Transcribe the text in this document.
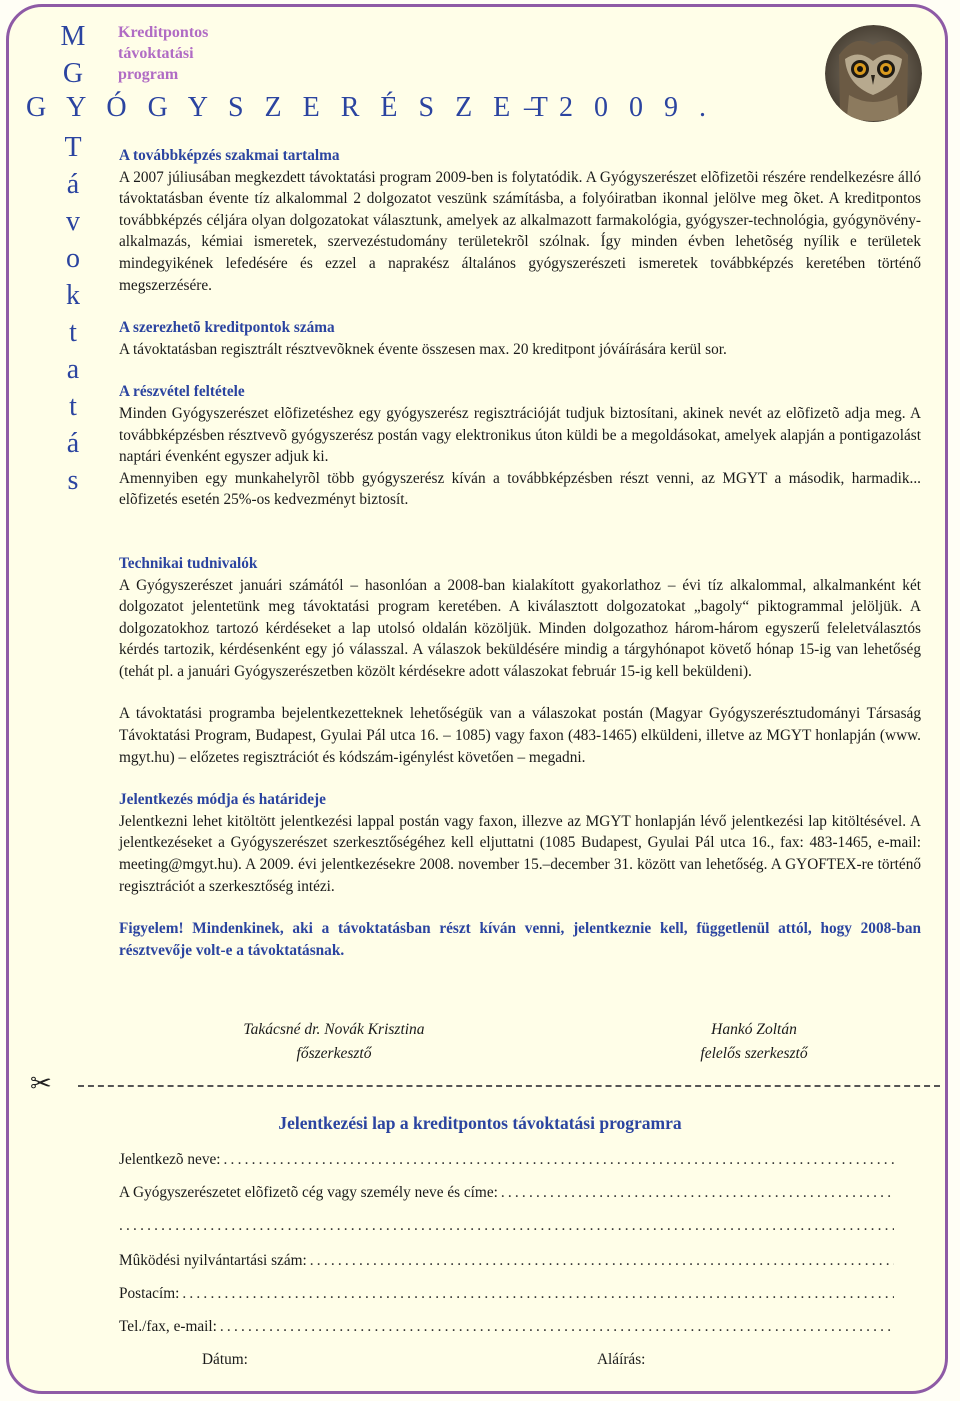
M
G
T
á
v
o
k
t
a
t
á
s
Kreditpontos
távoktatási
program
G Y Ó G Y S Z E R É S Z E T
– 2 0 0 9 .

A továbbképzés szakmai tartalma

A 2007 júliusában megkezdett távoktatási program 2009-ben is folytatódik. A Gyógyszerészet elõfizetõi részére rendelkezésre álló távoktatásban évente tíz alkalommal 2 dolgozatot veszünk számításba, a folyóiratban ikonnal jelölve meg õket. A kreditpontos továbbképzés céljára olyan dolgozatokat választunk, amelyek az alkalmazott farmakológia, gyógyszer-technológia, gyógynövény-alkalmazás, kémiai ismeretek, szervezéstudomány területekrõl szólnak. Így minden évben lehetõség nyílik e területek mindegyikének lefedésére és ezzel a naprakész általános gyógyszerészeti ismeretek továbbképzés keretében történő megszerzésére.

A szerezhetõ kreditpontok száma

A távoktatásban regisztrált résztvevõknek évente összesen max. 20 kreditpont jóváírására kerül sor.

A részvétel feltétele

Minden Gyógyszerészet elõfizetéshez egy gyógyszerész regisztrációját tudjuk biztosítani, akinek nevét az elõfizetõ adja meg. A továbbképzésben résztvevõ gyógyszerész postán vagy elektronikus úton küldi be a megoldásokat, amelyek alapján a pontigazolást naptári évenként egyszer adjuk ki.

Amennyiben egy munkahelyrõl több gyógyszerész kíván a továbbképzésben részt venni, az MGYT a második, harmadik... elõfizetés esetén 25%-os kedvezményt biztosít.

Technikai tudnivalók

A Gyógyszerészet januári számától – hasonlóan a 2008-ban kialakított gyakorlathoz – évi tíz alkalommal, alkalmanként két dolgozatot jelentetünk meg távoktatási program keretében. A kiválasztott dolgozatokat „bagoly“ piktogrammal jelöljük. A dolgozatokhoz tartozó kérdéseket a lap utolsó oldalán közöljük. Minden dolgozathoz három-három egyszerű feleletválasztós kérdés tartozik, kérdésenként egy jó válasszal. A válaszok beküldésére mindig a tárgyhónapot követő hónap 15-ig van lehetőség (tehát pl. a januári Gyógyszerészetben közölt kérdésekre adott válaszokat február 15-ig kell beküldeni).

A távoktatási programba bejelentkezetteknek lehetőségük van a válaszokat postán (Magyar Gyógyszerésztudományi Társaság Távoktatási Program, Budapest, Gyulai Pál utca 16. – 1085) vagy faxon (483-1465) elküldeni, illetve az MGYT honlapján (www. mgyt.hu) – előzetes regisztrációt és kódszám-igénylést követően – megadni.

Jelentkezés módja és határideje

Jelentkezni lehet kitöltött jelentkezési lappal postán vagy faxon, illezve az MGYT honlapján lévő jelentkezési lap kitöltésével. A jelentkezéseket a Gyógyszerészet szerkesztőségéhez kell eljuttatni (1085 Budapest, Gyulai Pál utca 16., fax: 483-1465, e-mail: meeting@mgyt.hu). A 2009. évi jelentkezésekre 2008. november 15.–december 31. között van lehetőség. A GYOFTEX-re történő regisztrációt a szerkesztőség intézi.

Figyelem! Mindenkinek, aki a távoktatásban részt kíván venni, jelentkeznie kell, függetlenül attól, hogy 2008-ban résztvevője volt-e a távoktatásnak.

Takácsné dr. Novák Krisztina
főszerkesztő
Hankó Zoltán
felelős szerkesztő
✂
Jelentkezési lap a kreditpontos távoktatási programra
Jelentkezõ neve:
.....
A Gyógyszerészetet elõfizetõ cég vagy személy neve és címe:
.....
.....
Mûködési nyilvántartási szám:
.....
Postacím:
.....
Tel./fax, e-mail:
.....
Dátum:	Aláírás:
